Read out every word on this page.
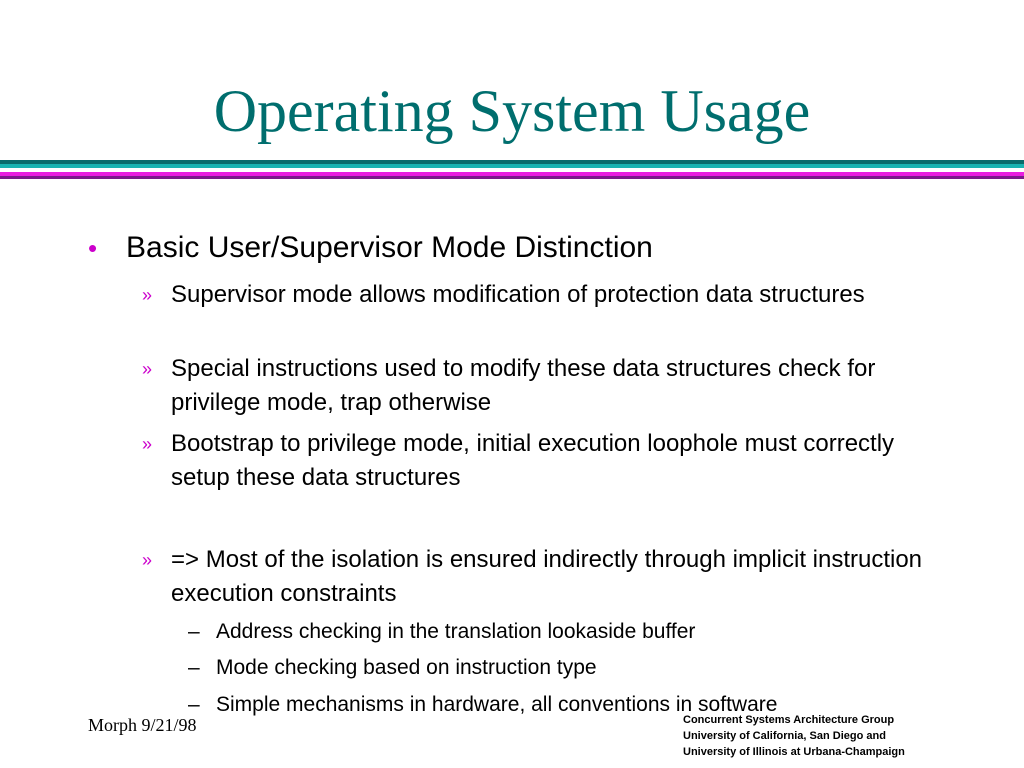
Operating System Usage
• Basic User/Supervisor Mode Distinction
» Supervisor mode allows modification of protection data structures
» Special instructions used to modify these data structures check for privilege mode, trap otherwise
» Bootstrap to privilege mode, initial execution loophole must correctly setup these data structures
» => Most of the isolation is ensured indirectly through implicit instruction execution constraints
– Address checking in the translation lookaside buffer
– Mode checking based on instruction type
– Simple mechanisms in hardware, all conventions in software
Morph 9/21/98	Concurrent Systems Architecture Group
University of California, San Diego and
University of Illinois at Urbana-Champaign
